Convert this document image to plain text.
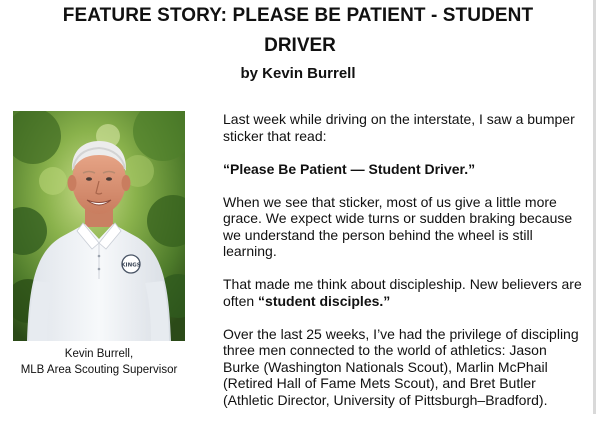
FEATURE STORY: PLEASE BE PATIENT - STUDENT
DRIVER
by Kevin Burrell
KINGS
Kevin Burrell,
MLB Area Scouting Supervisor

Last week while driving on the interstate, I saw a bumper sticker that read:

“Please Be Patient — Student Driver.”

When we see that sticker, most of us give a little more grace. We expect wide turns or sudden braking because we understand the person behind the wheel is still learning.

That made me think about discipleship. New believers are often “student disciples.”

Over the last 25 weeks, I’ve had the privilege of discipling three men connected to the world of athletics: Jason Burke (Washington Nationals Scout), Marlin McPhail (Retired Hall of Fame Mets Scout), and Bret Butler (Athletic Director, University of Pittsburgh–Bradford).
